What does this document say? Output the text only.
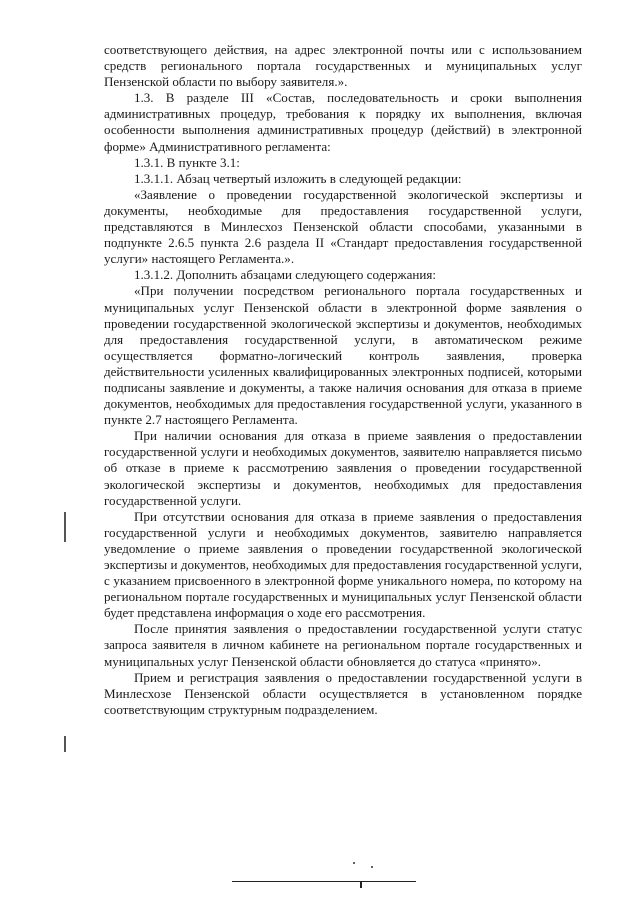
соответствующего действия, на адрес электронной почты или с использованием средств регионального портала государственных и муниципальных услуг Пензенской области по выбору заявителя.».

1.3. В разделе III «Состав, последовательность и сроки выполнения административных процедур, требования к порядку их выполнения, включая особенности выполнения административных процедур (действий) в электронной форме» Административного регламента:

1.3.1. В пункте 3.1:

1.3.1.1. Абзац четвертый изложить в следующей редакции:

«Заявление о проведении государственной экологической экспертизы и документы, необходимые для предоставления государственной услуги, представляются в Минлесхоз Пензенской области способами, указанными в подпункте 2.6.5 пункта 2.6 раздела II «Стандарт предоставления государственной услуги» настоящего Регламента.».

1.3.1.2. Дополнить абзацами следующего содержания:

«При получении посредством регионального портала государственных и муниципальных услуг Пензенской области в электронной форме заявления о проведении государственной экологической экспертизы и документов, необходимых для предоставления государственной услуги, в автоматическом режиме осуществляется форматно-логический контроль заявления, проверка действительности усиленных квалифицированных электронных подписей, которыми подписаны заявление и документы, а также наличия основания для отказа в приеме документов, необходимых для предоставления государственной услуги, указанного в пункте 2.7 настоящего Регламента.

При наличии основания для отказа в приеме заявления о предоставлении государственной услуги и необходимых документов, заявителю направляется письмо об отказе в приеме к рассмотрению заявления о проведении государственной экологической экспертизы и документов, необходимых для предоставления государственной услуги.

При отсутствии основания для отказа в приеме заявления о предоставления государственной услуги и необходимых документов, заявителю направляется уведомление о приеме заявления о проведении государственной экологической экспертизы и документов, необходимых для предоставления государственной услуги, с указанием присвоенного в электронной форме уникального номера, по которому на региональном портале государственных и муниципальных услуг Пензенской области будет представлена информация о ходе его рассмотрения.

После принятия заявления о предоставлении государственной услуги статус запроса заявителя в личном кабинете на региональном портале государственных и муниципальных услуг Пензенской области обновляется до статуса «принято».

Прием и регистрация заявления о предоставлении государственной услуги в Минлесхозе Пензенской области осуществляется в установленном порядке соответствующим структурным подразделением.
